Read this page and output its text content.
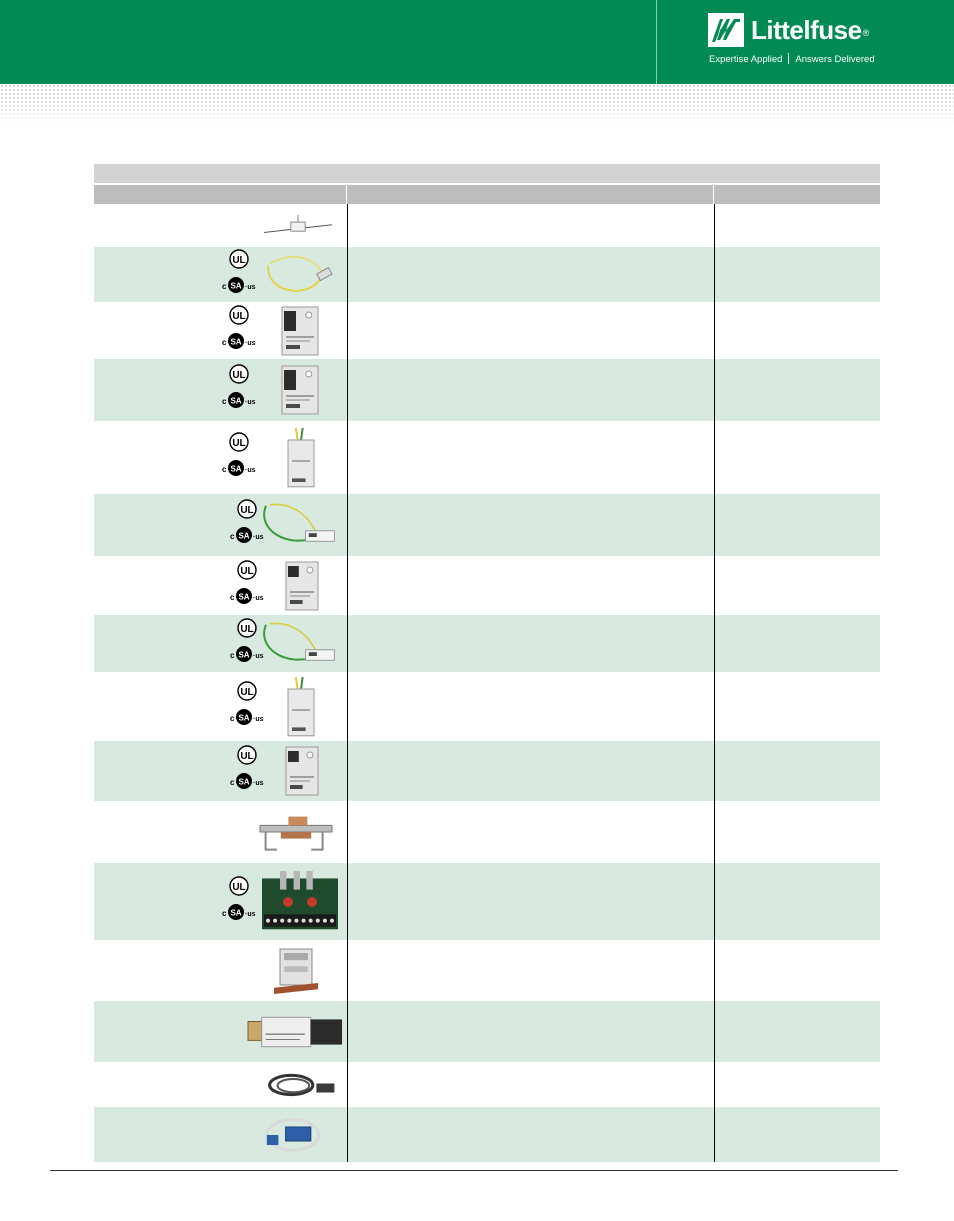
Littelfuse®
Expertise Applied Answers Delivered
UL
c SA ·us
UL
c SA ·us
UL
c SA ·us
UL
c SA ·us
UL
c SA ·us
UL
c SA ·us
UL
c SA ·us
UL
c SA ·us
UL
c SA ·us
UL
c SA ·us
